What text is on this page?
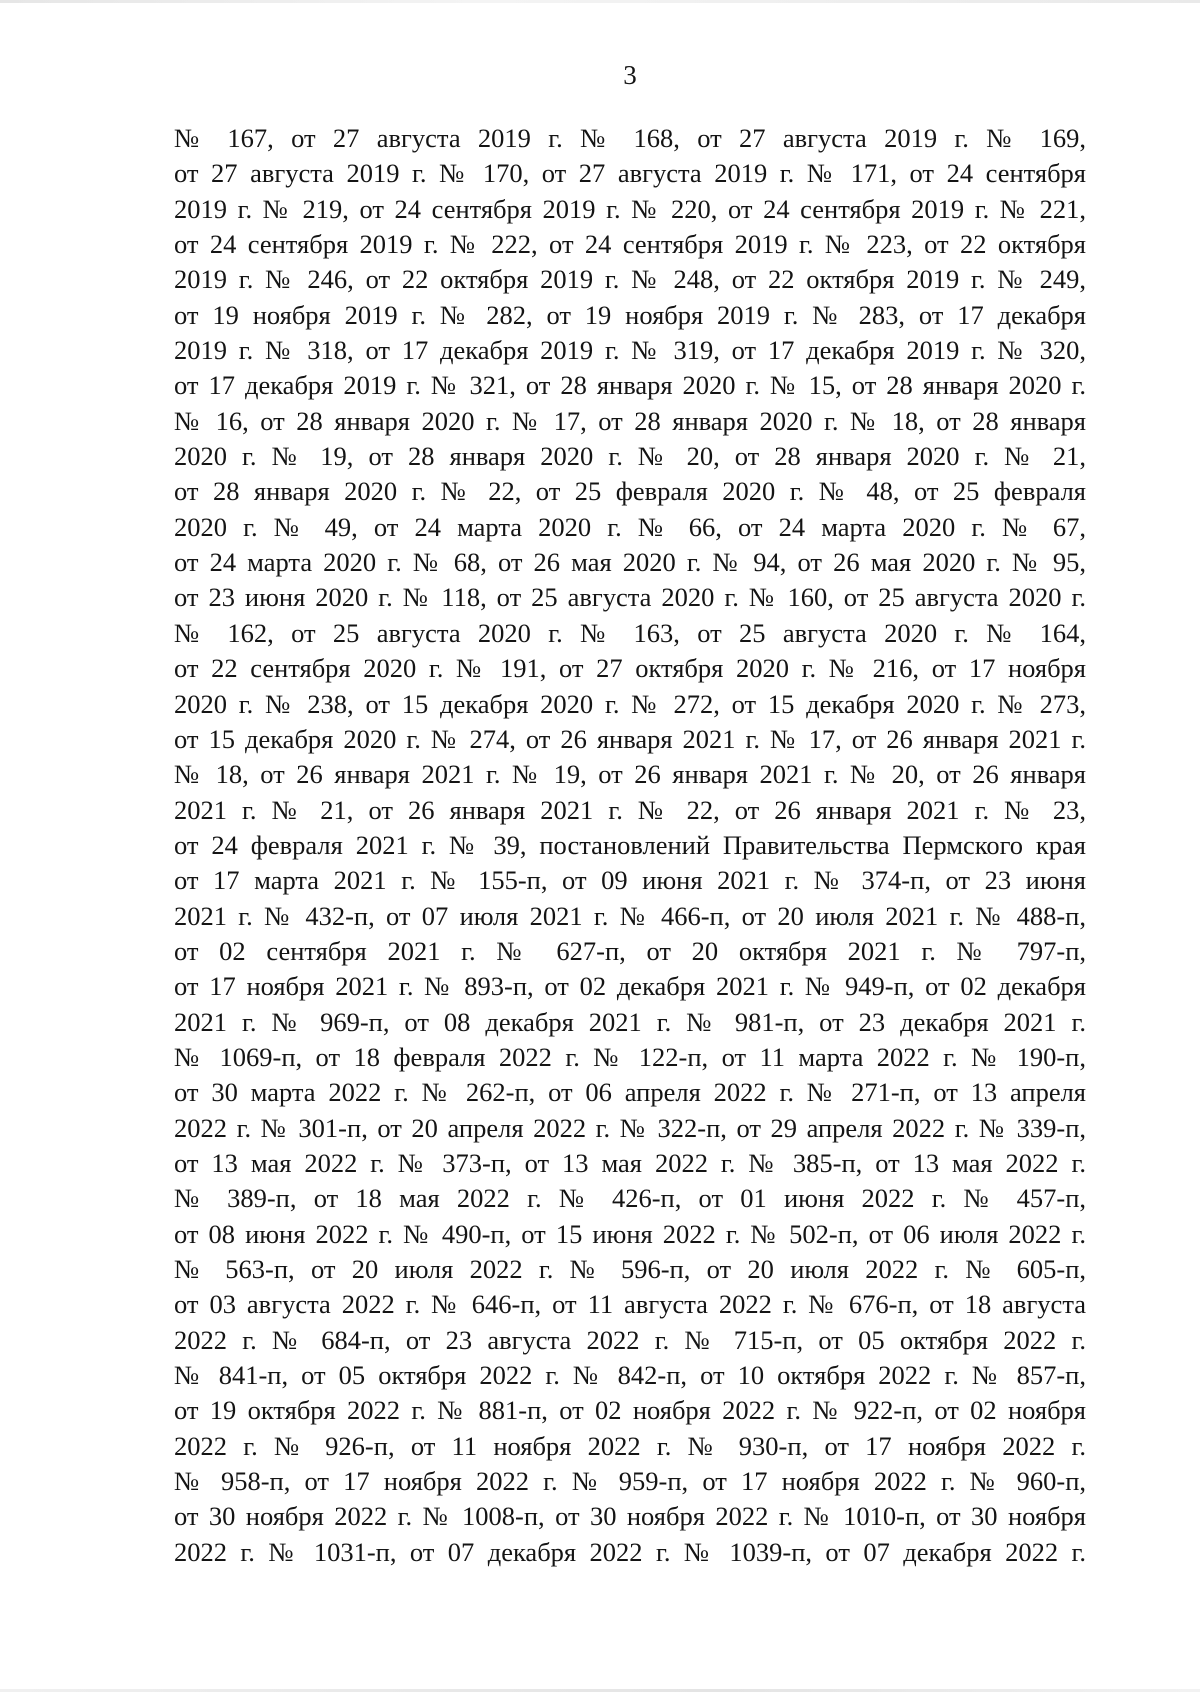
3
№ 167, от 27 августа 2019 г. № 168, от 27 августа 2019 г. № 169,
от 27 августа 2019 г. № 170, от 27 августа 2019 г. № 171, от 24 сентября
2019 г. № 219, от 24 сентября 2019 г. № 220, от 24 сентября 2019 г. № 221,
от 24 сентября 2019 г. № 222, от 24 сентября 2019 г. № 223, от 22 октября
2019 г. № 246, от 22 октября 2019 г. № 248, от 22 октября 2019 г. № 249,
от 19 ноября 2019 г. № 282, от 19 ноября 2019 г. № 283, от 17 декабря
2019 г. № 318, от 17 декабря 2019 г. № 319, от 17 декабря 2019 г. № 320,
от 17 декабря 2019 г. № 321, от 28 января 2020 г. № 15, от 28 января 2020 г.
№ 16, от 28 января 2020 г. № 17, от 28 января 2020 г. № 18, от 28 января
2020 г. № 19, от 28 января 2020 г. № 20, от 28 января 2020 г. № 21,
от 28 января 2020 г. № 22, от 25 февраля 2020 г. № 48, от 25 февраля
2020 г. № 49, от 24 марта 2020 г. № 66, от 24 марта 2020 г. № 67,
от 24 марта 2020 г. № 68, от 26 мая 2020 г. № 94, от 26 мая 2020 г. № 95,
от 23 июня 2020 г. № 118, от 25 августа 2020 г. № 160, от 25 августа 2020 г.
№ 162, от 25 августа 2020 г. № 163, от 25 августа 2020 г. № 164,
от 22 сентября 2020 г. № 191, от 27 октября 2020 г. № 216, от 17 ноября
2020 г. № 238, от 15 декабря 2020 г. № 272, от 15 декабря 2020 г. № 273,
от 15 декабря 2020 г. № 274, от 26 января 2021 г. № 17, от 26 января 2021 г.
№ 18, от 26 января 2021 г. № 19, от 26 января 2021 г. № 20, от 26 января
2021 г. № 21, от 26 января 2021 г. № 22, от 26 января 2021 г. № 23,
от 24 февраля 2021 г. № 39, постановлений Правительства Пермского края
от 17 марта 2021 г. № 155-п, от 09 июня 2021 г. № 374-п, от 23 июня
2021 г. № 432-п, от 07 июля 2021 г. № 466-п, от 20 июля 2021 г. № 488-п,
от 02 сентября 2021 г. № 627-п, от 20 октября 2021 г. № 797-п,
от 17 ноября 2021 г. № 893-п, от 02 декабря 2021 г. № 949-п, от 02 декабря
2021 г. № 969-п, от 08 декабря 2021 г. № 981-п, от 23 декабря 2021 г.
№ 1069-п, от 18 февраля 2022 г. № 122-п, от 11 марта 2022 г. № 190-п,
от 30 марта 2022 г. № 262-п, от 06 апреля 2022 г. № 271-п, от 13 апреля
2022 г. № 301-п, от 20 апреля 2022 г. № 322-п, от 29 апреля 2022 г. № 339-п,
от 13 мая 2022 г. № 373-п, от 13 мая 2022 г. № 385-п, от 13 мая 2022 г.
№ 389-п, от 18 мая 2022 г. № 426-п, от 01 июня 2022 г. № 457-п,
от 08 июня 2022 г. № 490-п, от 15 июня 2022 г. № 502-п, от 06 июля 2022 г.
№ 563-п, от 20 июля 2022 г. № 596-п, от 20 июля 2022 г. № 605-п,
от 03 августа 2022 г. № 646-п, от 11 августа 2022 г. № 676-п, от 18 августа
2022 г. № 684-п, от 23 августа 2022 г. № 715-п, от 05 октября 2022 г.
№ 841-п, от 05 октября 2022 г. № 842-п, от 10 октября 2022 г. № 857-п,
от 19 октября 2022 г. № 881-п, от 02 ноября 2022 г. № 922-п, от 02 ноября
2022 г. № 926-п, от 11 ноября 2022 г. № 930-п, от 17 ноября 2022 г.
№ 958-п, от 17 ноября 2022 г. № 959-п, от 17 ноября 2022 г. № 960-п,
от 30 ноября 2022 г. № 1008-п, от 30 ноября 2022 г. № 1010-п, от 30 ноября
2022 г. № 1031-п, от 07 декабря 2022 г. № 1039-п, от 07 декабря 2022 г.
